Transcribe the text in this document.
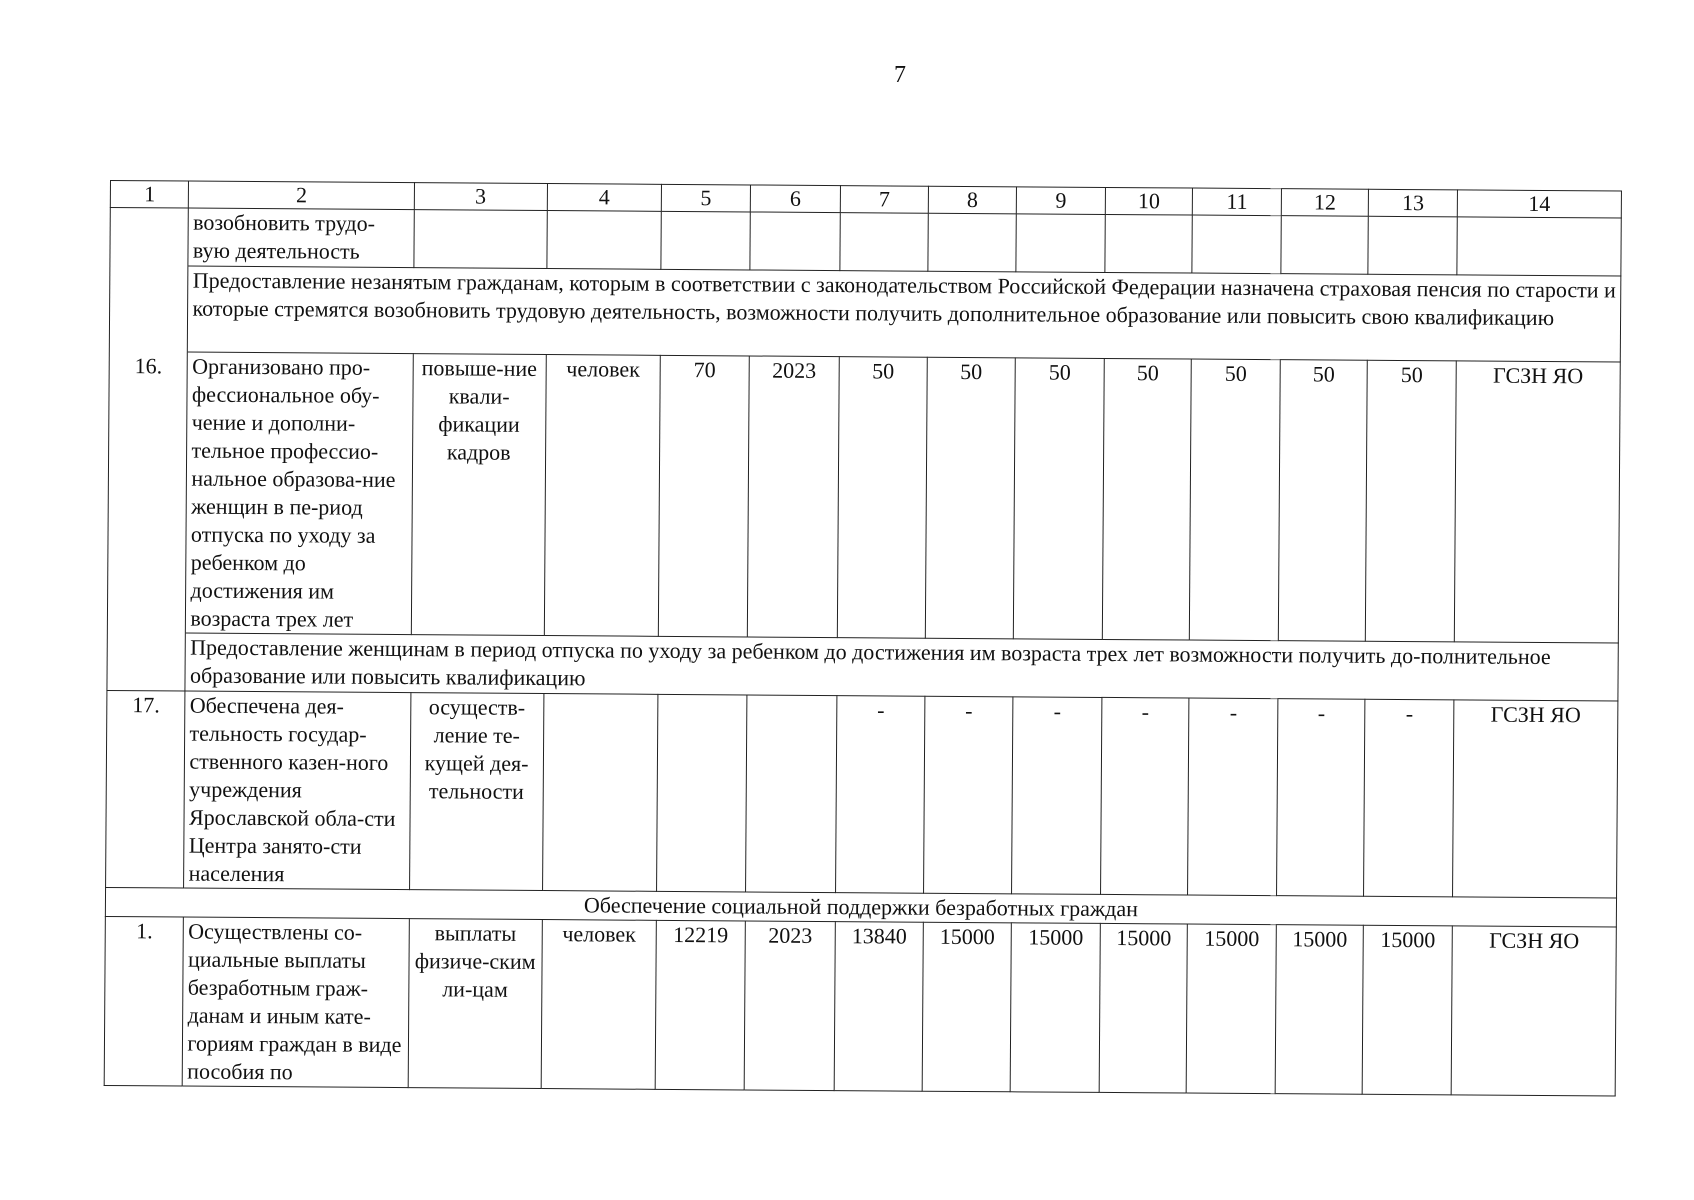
7
1	2	3	4	5	6	7	8	9	10	11	12	13	14
	возобновить трудо-вую деятельность												
	Предоставление незанятым гражданам, которым в соответствии с законодательством Российской Федерации назначена страховая пенсия по старости и которые стремятся возобновить трудовую деятельность, возможности получить дополнительное образование или повысить свою квалификацию												
16.	Организовано про-фессиональное обу-чение и дополни-тельное профессио-нальное образова-ние женщин в пе-риод отпуска по уходу за ребенком до достижения им возраста трех лет	повыше-ние квали-фикации кадров	человек	70	2023	50	50	50	50	50	50	50	ГСЗН ЯО
	Предоставление женщинам в период отпуска по уходу за ребенком до достижения им возраста трех лет возможности получить до-полнительное образование или повысить квалификацию												
17.	Обеспечена дея-тельность государ-ственного казен-ного учреждения Ярославской обла-сти Центра занято-сти населения	осуществ-ление те-кущей дея-тельности				-	-	-	-	-	-	-	ГСЗН ЯО
Обеспечение социальной поддержки безработных граждан													
1.	Осуществлены со-циальные выплаты безработным граж-данам и иным кате-гориям граждан в виде пособия по	выплаты физиче-ским ли-цам	человек	12219	2023	13840	15000	15000	15000	15000	15000	15000	ГСЗН ЯО
